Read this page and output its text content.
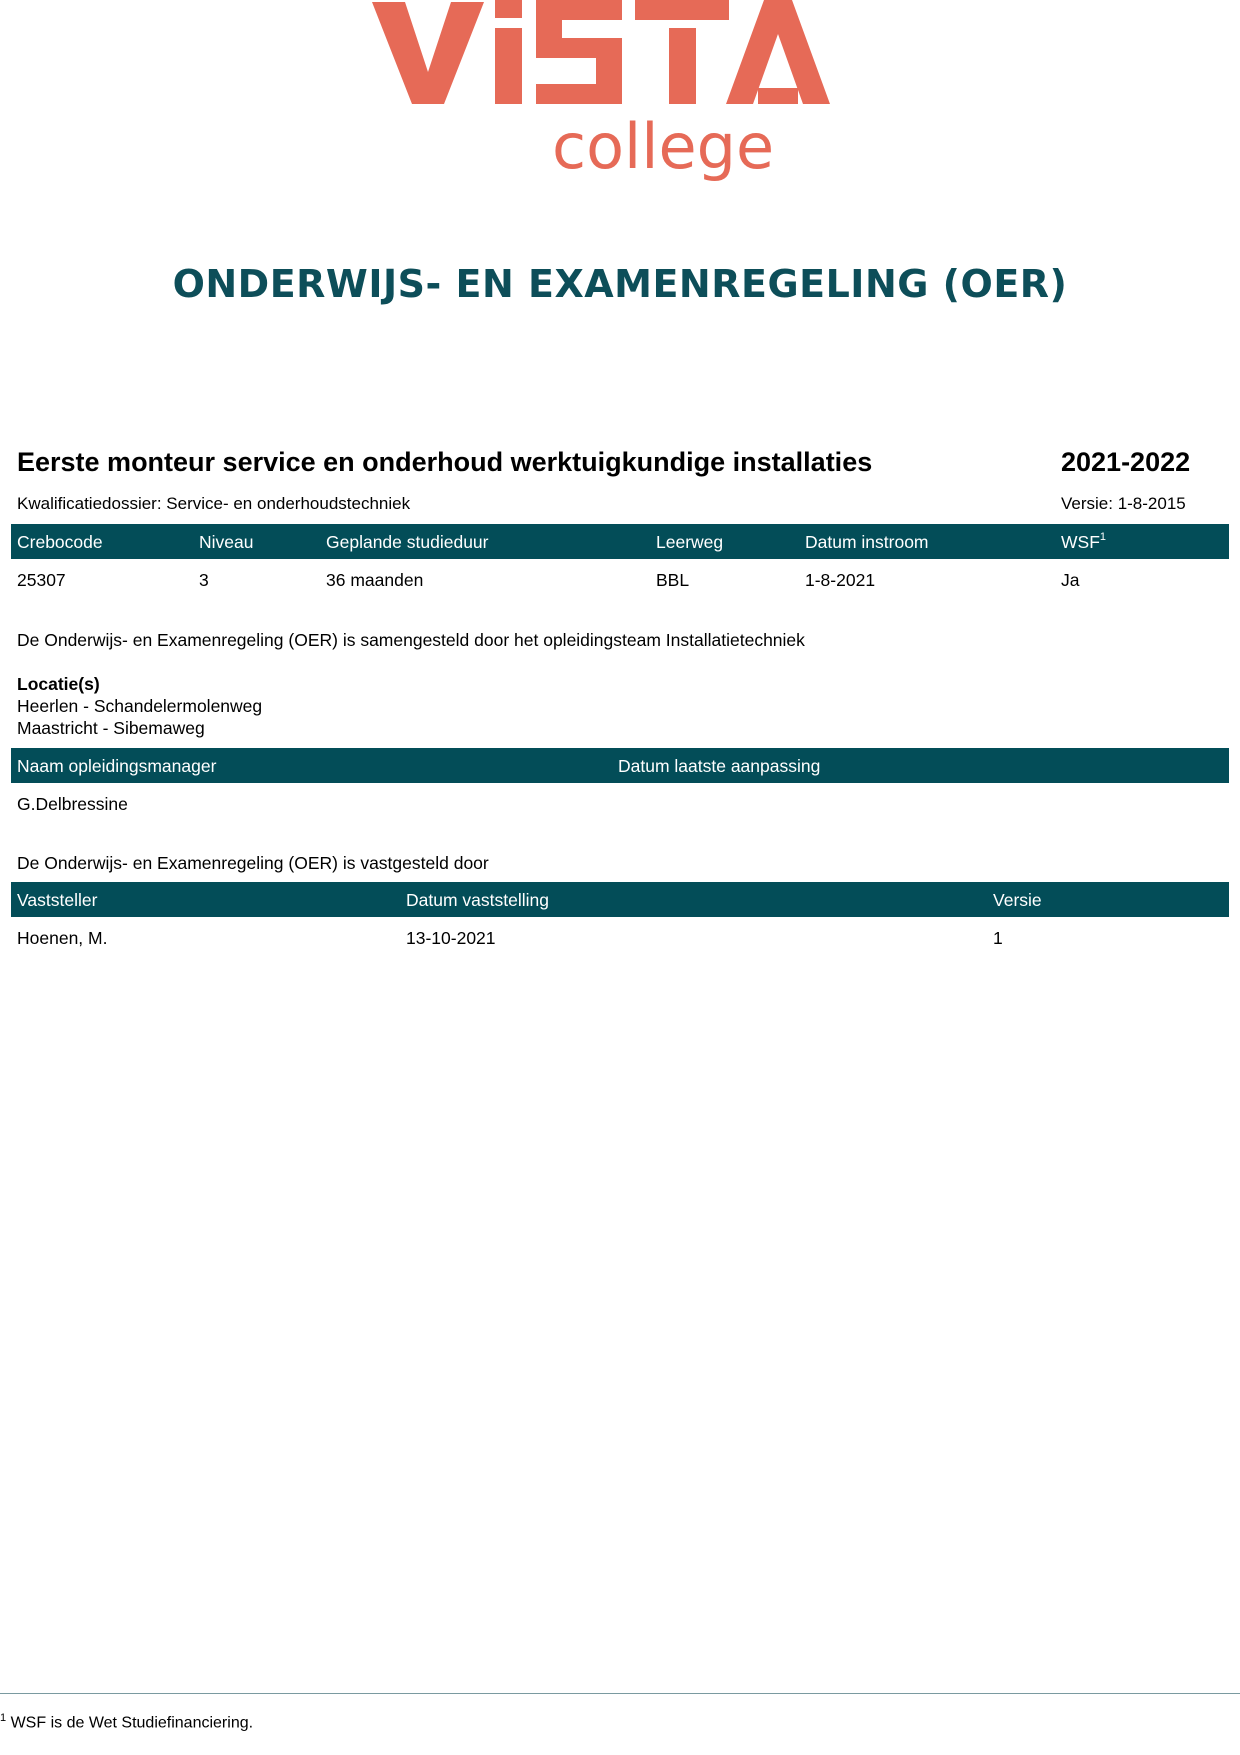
college
ONDERWIJS- EN EXAMENREGELING (OER)
Eerste monteur service en onderhoud werktuigkundige installaties	2021-2022
Kwalificatiedossier: Service- en onderhoudstechniek	Versie: 1-8-2015
Crebocode	Niveau	Geplande studieduur	Leerweg	Datum instroom	WSF$^1$
25307	3	36 maanden	BBL	1-8-2021	Ja
De Onderwijs- en Examenregeling (OER) is samengesteld door het opleidingsteam Installatietechniek
Locatie(s)
Heerlen - Schandelermolenweg
Maastricht - Sibemaweg
Naam opleidingsmanager	Datum laatste aanpassing
G.Delbressine
De Onderwijs- en Examenregeling (OER) is vastgesteld door
Vaststeller	Datum vaststelling	Versie
Hoenen, M.	13-10-2021	1
$^1$ WSF is de Wet Studiefinanciering.
